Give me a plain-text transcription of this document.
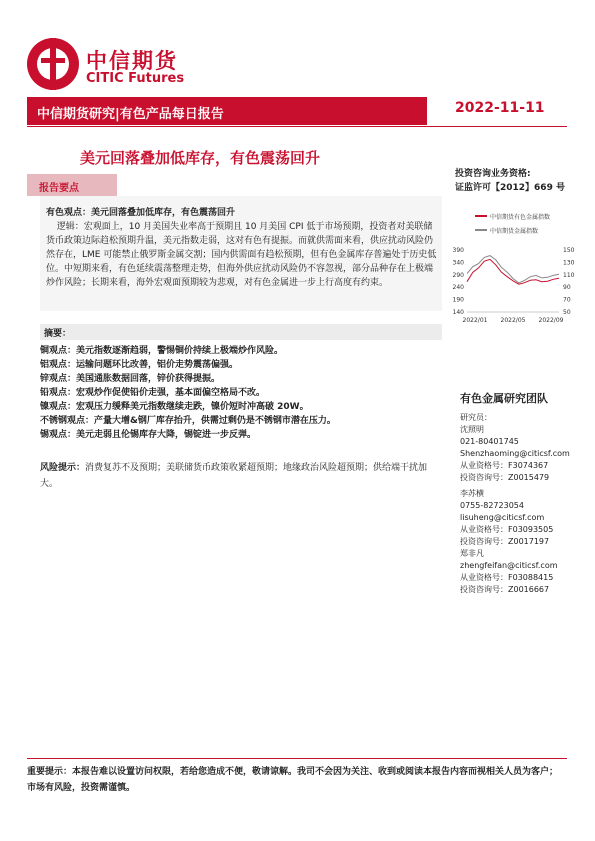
中信期货
CITIC Futures
中信期货研究|有色产品每日报告	2022-11-11
美元回落叠加低库存，有色震荡回升
投资咨询业务资格:
证监许可【2012】669 号
报告要点
有色观点：美元回落叠加低库存，有色震荡回升
逻辑：宏观面上，10 月美国失业率高于预期且 10 月美国 CPI 低于市场预期，投资者对美联储货币政策边际趋松预期升温，美元指数走弱，这对有色有提振。而就供需面来看，供应扰动风险仍然存在，LME 可能禁止俄罗斯金属交割；国内供需面有趋松预期，但有色金属库存普遍处于历史低位。中短期来看，有色延续震荡整理走势，但海外供应扰动风险仍不容忽视，部分品种存在上极端炒作风险；长期来看，海外宏观面预期较为悲观，对有色金属进一步上行高度有约束。
中信期货有色金属指数
中信期货金属指数
390
340
290
240
190
140
150
130
110
90
70
50
2022/01 2022/05 2022/09
摘要：
铜观点：美元指数逐渐趋弱，警惕铜价持续上极端炒作风险。
铝观点：运输问题环比改善，铝价走势震荡偏强。
锌观点：美国通胀数据回落，锌价获得提振。
铅观点：宏观炒作促使铅价走强，基本面偏空格局不改。
镍观点：宏观压力缓释美元指数继续走跌，镍价短时冲高破 20W。
不锈钢观点：产量大增&钢厂库存抬升，供需过剩仍是不锈钢市潜在压力。
锡观点：美元走弱且伦锡库存大降，锡锭进一步反弹。
风险提示：消费复苏不及预期；美联储货币政策收紧超预期；地缘政治风险超预期；供给端干扰加大。
有色金属研究团队
研究员：
沈照明
021-80401745
Shenzhaoming@citicsf.com
从业资格号：F3074367
投资咨询号：Z0015479
李苏横
0755-82723054
lisuheng@citicsf.com
从业资格号：F03093505
投资咨询号：Z0017197
郑非凡
zhengfeifan@citicsf.com
从业资格号：F03088415
投资咨询号：Z0016667
重要提示：本报告难以设置访问权限，若给您造成不便，敬请谅解。我司不会因为关注、收到或阅读本报告内容而视相关人员为客户；市场有风险，投资需谨慎。
